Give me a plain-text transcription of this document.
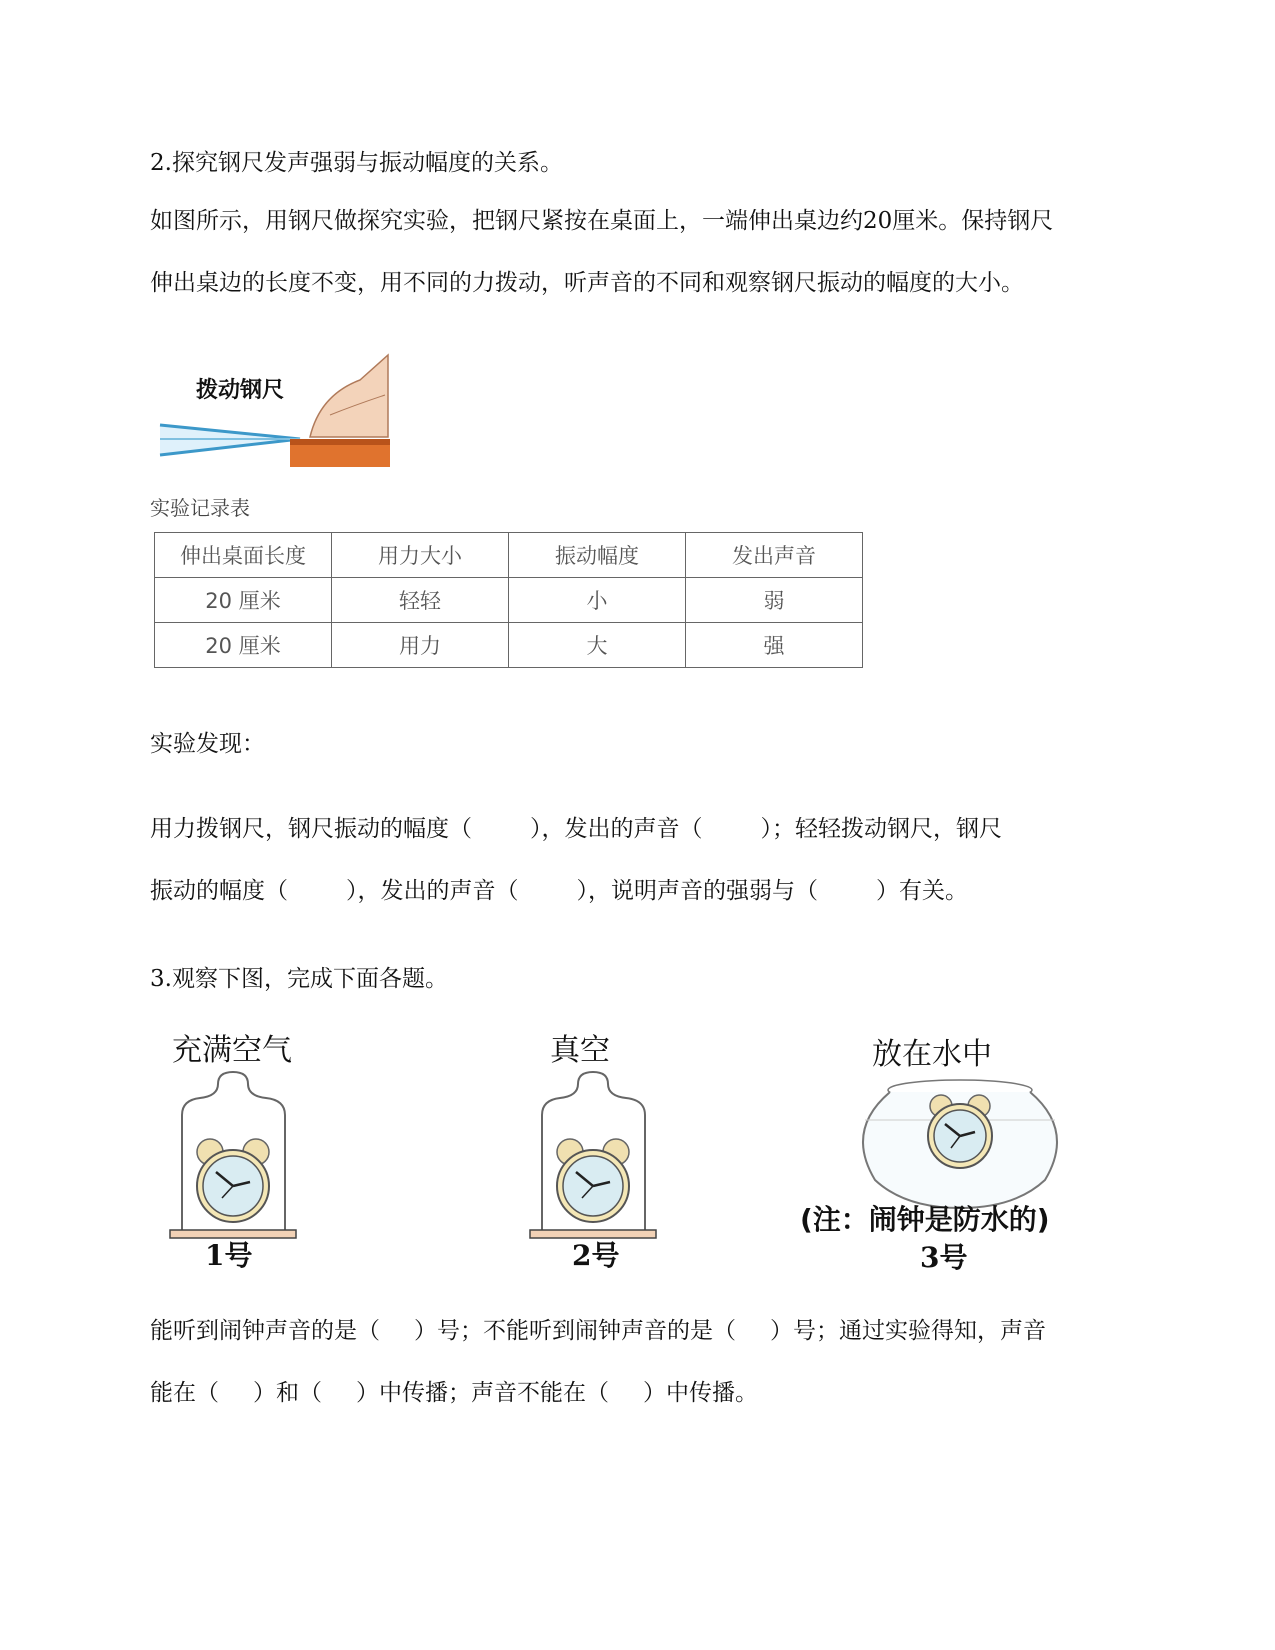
2.探究钢尺发声强弱与振动幅度的关系。
如图所示，用钢尺做探究实验，把钢尺紧按在桌面上，一端伸出桌边约20厘米。保持钢尺
伸出桌边的长度不变，用不同的力拨动，听声音的不同和观察钢尺振动的幅度的大小。
拨动钢尺
实验记录表
伸出桌面长度	用力大小	振动幅度	发出声音
20 厘米	轻轻	小	弱
20 厘米	用力	大	强
实验发现：
用力拨钢尺，钢尺振动的幅度（	），发出的声音（	）；轻轻拨动钢尺，钢尺
振动的幅度（	），发出的声音（	），说明声音的强弱与（	）有关。
3.观察下图，完成下面各题。
充满空气
1号
真空
2号
放在水中
(注：闹钟是防水的)
3号
能听到闹钟声音的是（ ）号；不能听到闹钟声音的是（ ）号；通过实验得知，声音
能在（ ）和（ ）中传播；声音不能在（ ）中传播。
